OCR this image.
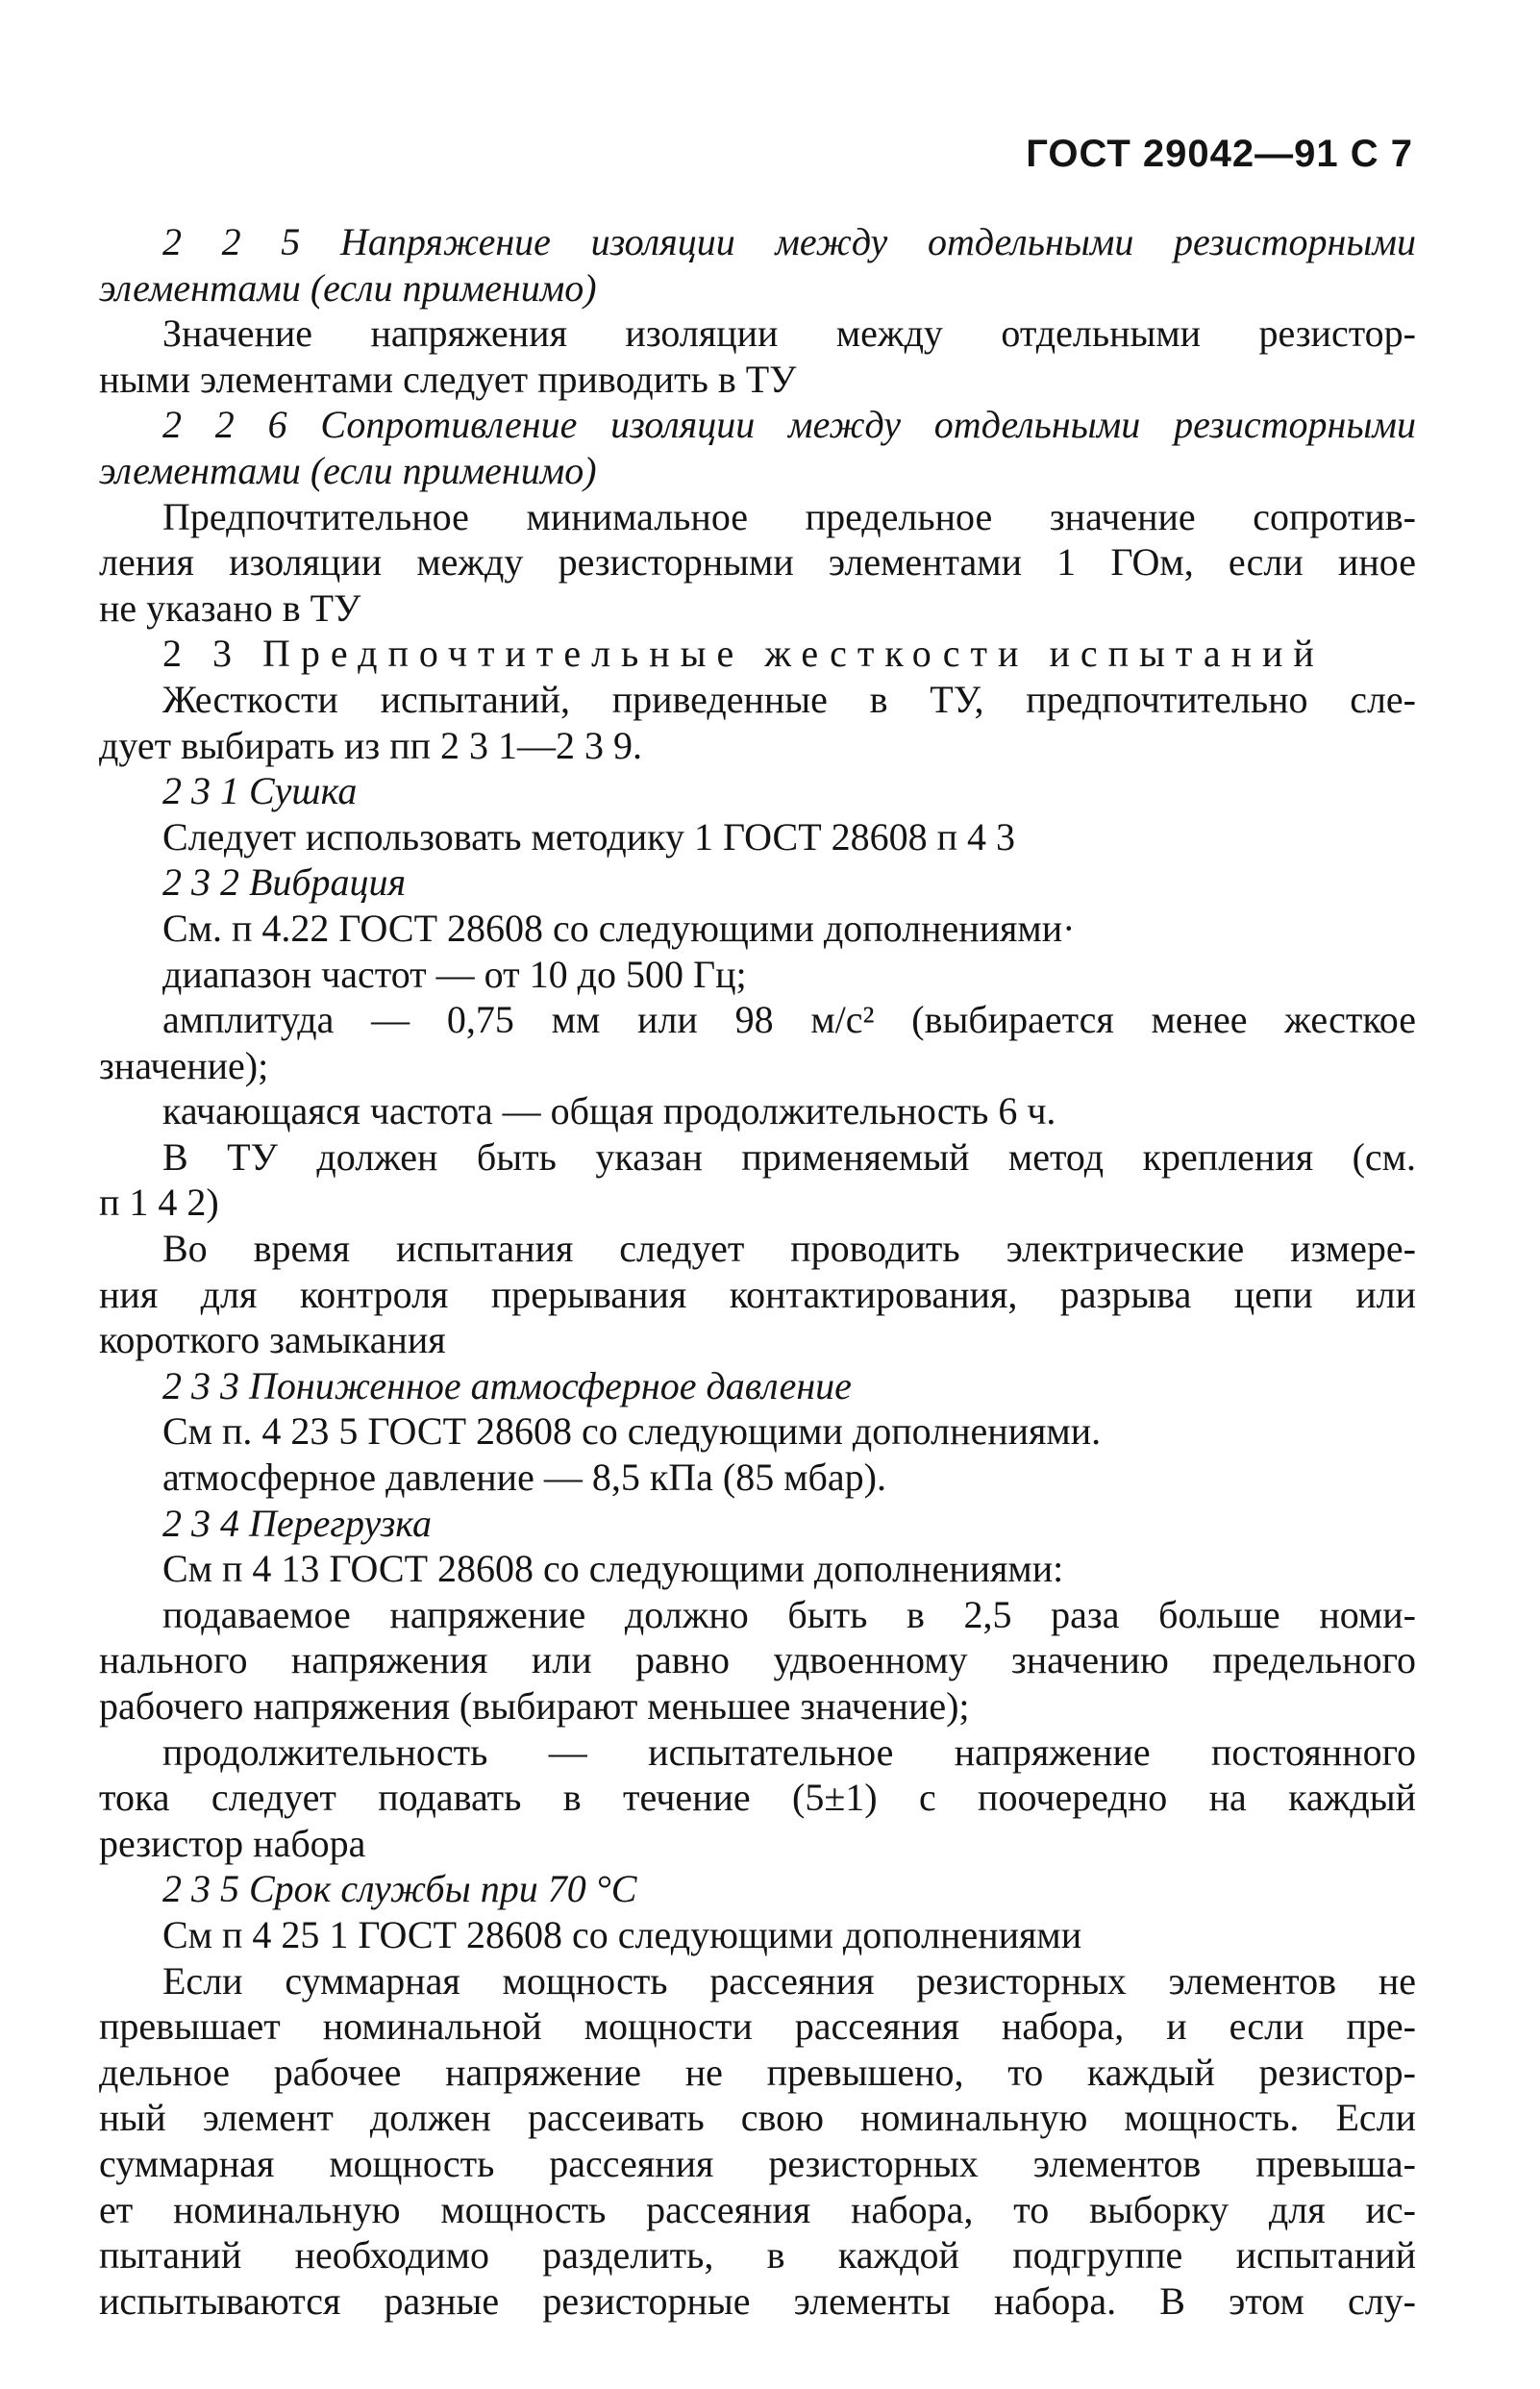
ГОСТ 29042—91 С 7
2 2 5 Напряжение изоляции между отдельными резисторными
элементами (если применимо)
Значение напряжения изоляции между отдельными резистор-
ными элементами следует приводить в ТУ
2 2 6 Сопротивление изоляции между отдельными резисторными
элементами (если применимо)
Предпочтительное минимальное предельное значение сопротив-
ления изоляции между резисторными элементами 1 ГОм, если иное
не указано в ТУ
2 3 Предпочтительные жесткости испытаний
Жесткости испытаний, приведенные в ТУ, предпочтительно сле-
дует выбирать из пп 2 3 1—2 3 9.
2 3 1 Сушка
Следует использовать методику 1 ГОСТ 28608 п 4 3
2 3 2 Вибрация
См. п 4.22 ГОСТ 28608 со следующими дополнениями·
диапазон частот — от 10 до 500 Гц;
амплитуда — 0,75 мм или 98 м/с² (выбирается менее жесткое
значение);
качающаяся частота — общая продолжительность 6 ч.
В ТУ должен быть указан применяемый метод крепления (см.
п 1 4 2)
Во время испытания следует проводить электрические измере-
ния для контроля прерывания контактирования, разрыва цепи или
короткого замыкания
2 3 3 Пониженное атмосферное давление
См п. 4 23 5 ГОСТ 28608 со следующими дополнениями.
атмосферное давление — 8,5 кПа (85 мбар).
2 3 4 Перегрузка
См п 4 13 ГОСТ 28608 со следующими дополнениями:
подаваемое напряжение должно быть в 2,5 раза больше номи-
нального напряжения или равно удвоенному значению предельного
рабочего напряжения (выбирают меньшее значение);
продолжительность — испытательное напряжение постоянного
тока следует подавать в течение (5±1) с поочередно на каждый
резистор набора
2 3 5 Срок службы при 70 °С
См п 4 25 1 ГОСТ 28608 со следующими дополнениями
Если суммарная мощность рассеяния резисторных элементов не
превышает номинальной мощности рассеяния набора, и если пре-
дельное рабочее напряжение не превышено, то каждый резистор-
ный элемент должен рассеивать свою номинальную мощность. Если
суммарная мощность рассеяния резисторных элементов превыша-
ет номинальную мощность рассеяния набора, то выборку для ис-
пытаний необходимо разделить, в каждой подгруппе испытаний
испытываются разные резисторные элементы набора. В этом слу-
